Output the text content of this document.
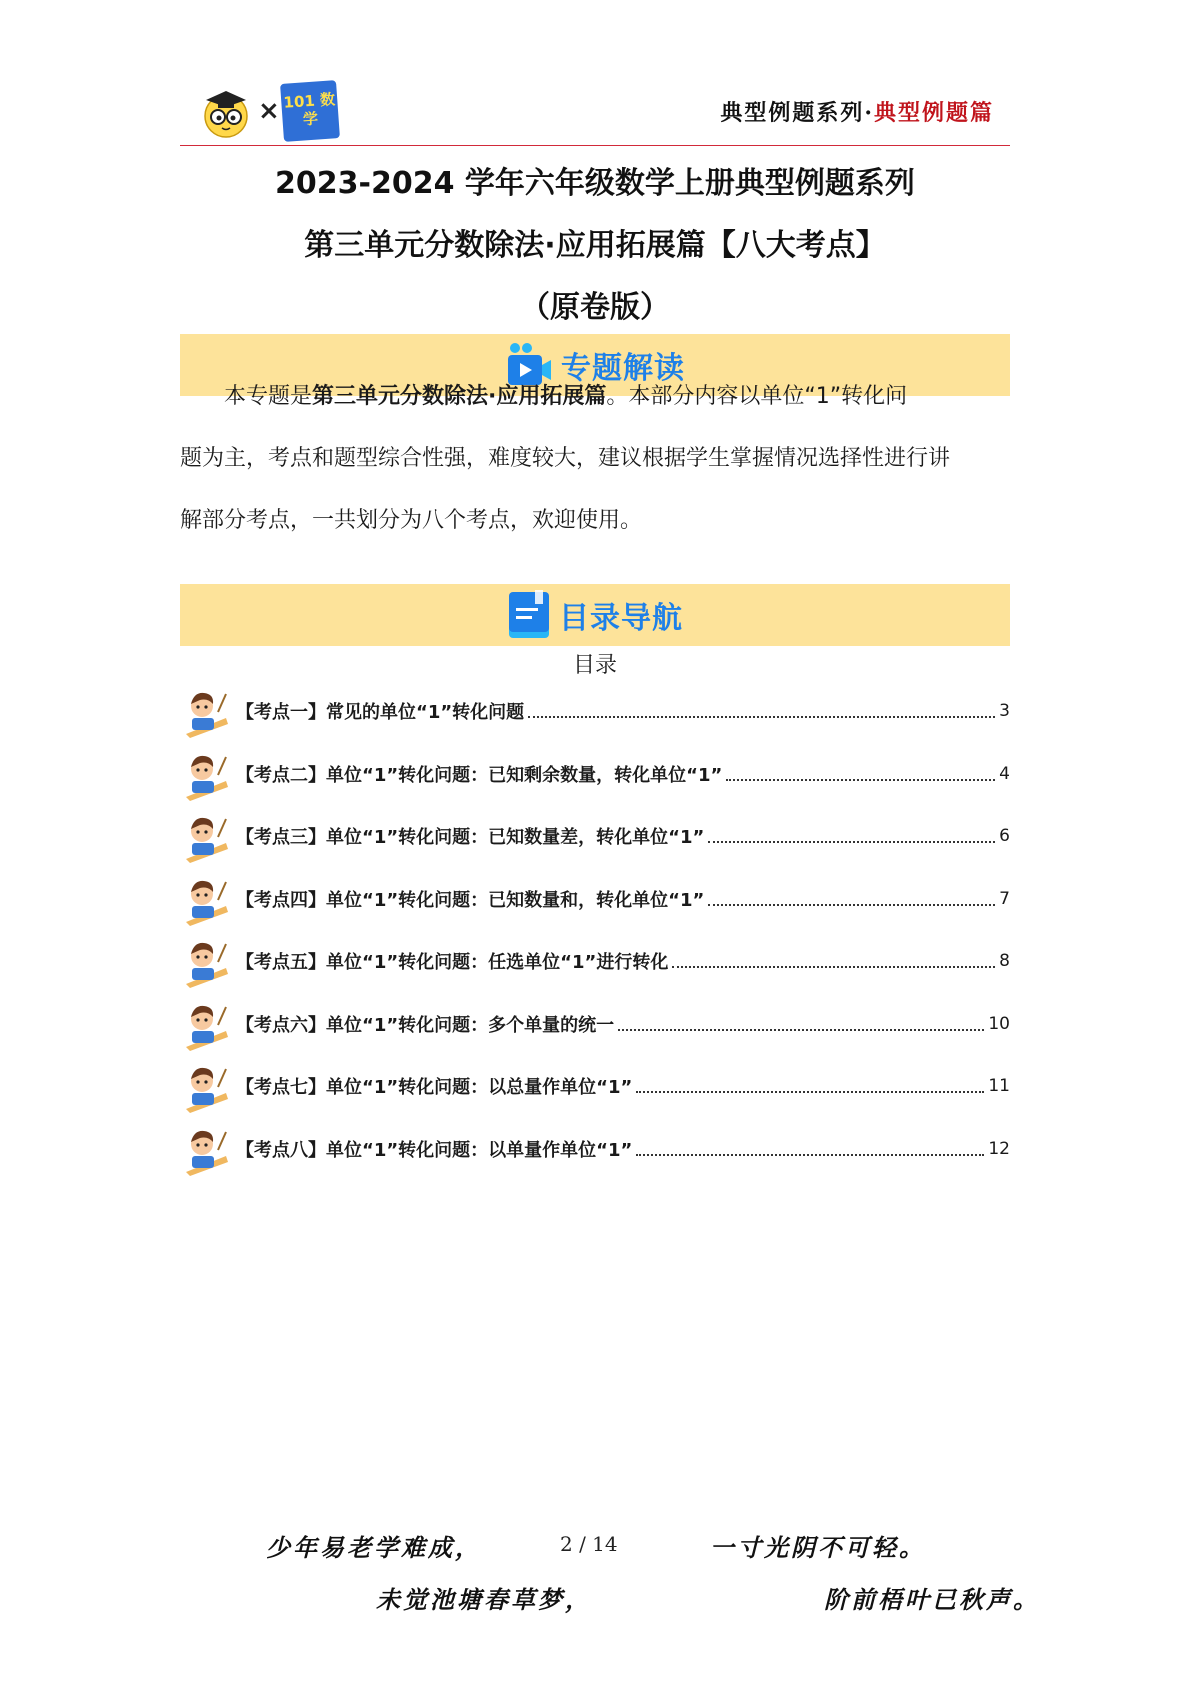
× 101 数学	典型例题系列·典型例题篇
2023-2024 学年六年级数学上册典型例题系列
第三单元分数除法·应用拓展篇【八大考点】
（原卷版）
专题解读
本专题是第三单元分数除法·应用拓展篇。本部分内容以单位“1”转化问
题为主，考点和题型综合性强，难度较大，建议根据学生掌握情况选择性进行讲
解部分考点，一共划分为八个考点，欢迎使用。
目录导航
目录
【考点一】常见的单位“1”转化问题	3
【考点二】单位“1”转化问题：已知剩余数量，转化单位“1”	4
【考点三】单位“1”转化问题：已知数量差，转化单位“1”	6
【考点四】单位“1”转化问题：已知数量和，转化单位“1”	7
【考点五】单位“1”转化问题：任选单位“1”进行转化	8
【考点六】单位“1”转化问题：多个单量的统一	10
【考点七】单位“1”转化问题：以总量作单位“1”	11
【考点八】单位“1”转化问题：以单量作单位“1”	12
少年易老学难成，	2 / 14	一寸光阴不可轻。
未觉池塘春草梦，	阶前梧叶已秋声。
